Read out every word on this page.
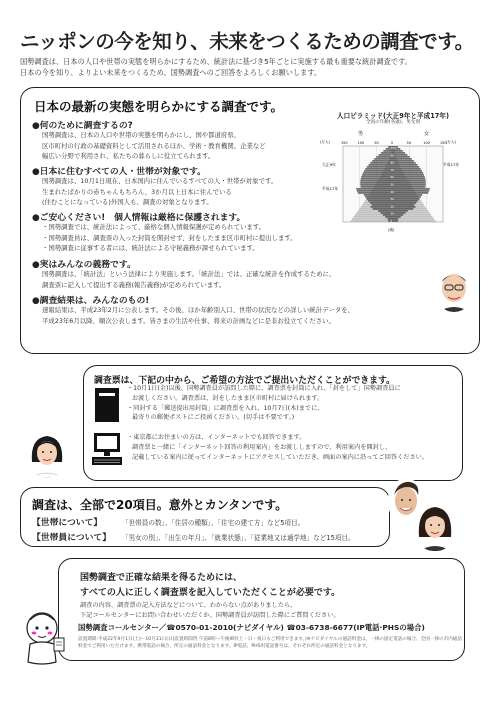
ニッポンの今を知り、未来をつくるための調査です。
国勢調査は、日本の人口や世帯の実態を明らかにするため、統計法に基づき5年ごとに実施する最も重要な統計調査です。
日本の今を知り、よりよい未来をつくるため、国勢調査へのご回答をよろしくお願いします。
日本の最新の実態を明らかにする調査です。
●何のために調査するの?
国勢調査は、日本の人口や世帯の実態を明らかにし、国や都道府県、
区市町村の行政の基礎資料として活用されるほか、学術・教育機関、企業など
幅広い分野で利用され、私たちの暮らしに役立てられます。
●日本に住むすべての人・世帯が対象です。
国勢調査は、10月1日現在、日本国内に住んでいるすべての人・世帯が対象です。
生まれたばかりの赤ちゃんもちろん、3か月以上日本に住んでいる
(住むことになっている)外国人も、調査の対象となります。
●ご安心ください!　個人情報は厳格に保護されます。
・国勢調査では、統計法によって、厳格な個人情報保護が定められています。
・国勢調査員は、調査票の入った封筒を開封せず、封をしたまま区市町村に提出します。
・国勢調査に従事する者には、統計法による守秘義務が課せられています。
●実はみんなの義務です。
国勢調査は、「統計法」という法律により実施します。「統計法」では、正確な統計を作成するために、
調査票に記入して提出する義務(報告義務)が定められています。
●調査結果は、みんなのもの!
速報結果は、平成23年2月に公表します。その後、ほか年齢別人口、世帯の状況などの詳しい統計データを、
平成23年6月以降、順次公表します。皆さまの生活や仕事、将来の計画などに是非お役立てください。
人口ピラミッド(大正9年と平成17年)
全国の年齢(各歳)、男女別
男	女
(万人)	(万人)
大正9年
平成17年
平成17年
150	100	50	0	50	100	150
100
90
80
70
60
50
40
30
20
10
0
(歳)
調査票は、下記の中から、ご希望の方法でご提出いただくことができます。
・10月1日(金)以後、国勢調査員が訪問した際に、調査票を封筒に入れ、「封をして」国勢調査員に
お渡しください。調査票は、封をしたまま区市町村に届けられます。
・同封する「郵送提出用封筒」に調査票を入れ、10月7日(木)までに、
最寄りの郵便ポストにご投函ください。(切手は不要です。)
・東京都にお住まいの方は、インターネットでも回答できます。
調査票と一緒に「インターネット回答の利用案内」をお渡ししますので、利用案内を開封し、
記載している案内に従ってインターネットにアクセスしていただき、画面の案内に沿ってご回答ください。
調査は、全部で20項目。意外とカンタンです。
【世帯について】	「世帯員の数」、「住居の種類」、「住宅の建て方」など5項目。
【世帯員について】 「男女の別」、「出生の年月」、「就業状態」、「従業地又は通学地」など15項目。
国勢調査で正確な結果を得るためには、
すべての人に正しく調査票を記入していただくことが必要です。
調査の内容、調査票の記入方法などについて、わからない点がありましたら、
下記コールセンターにお問い合わせいただくか、国勢調査員が訪問した際にご質問ください。
国勢調査コールセンター／☎0570-01-2010(ナビダイヤル) ☎03-6738-6677(IP電話·PHSの場合)
設置期間:平成22年9月1日(土)〜10月31日(日)設置時間帯 午前8時〜午後9時(土・日・祝日もご利用できます。)※ナビダイヤルの通話料金は、一律の固定電話の場合、全国一律の市内通話料金でご利用いただけます。携帯電話の場合、所定の通話料金となります。IP電話、PHS用電話番号は、それぞれ所定の通話料金となります。
